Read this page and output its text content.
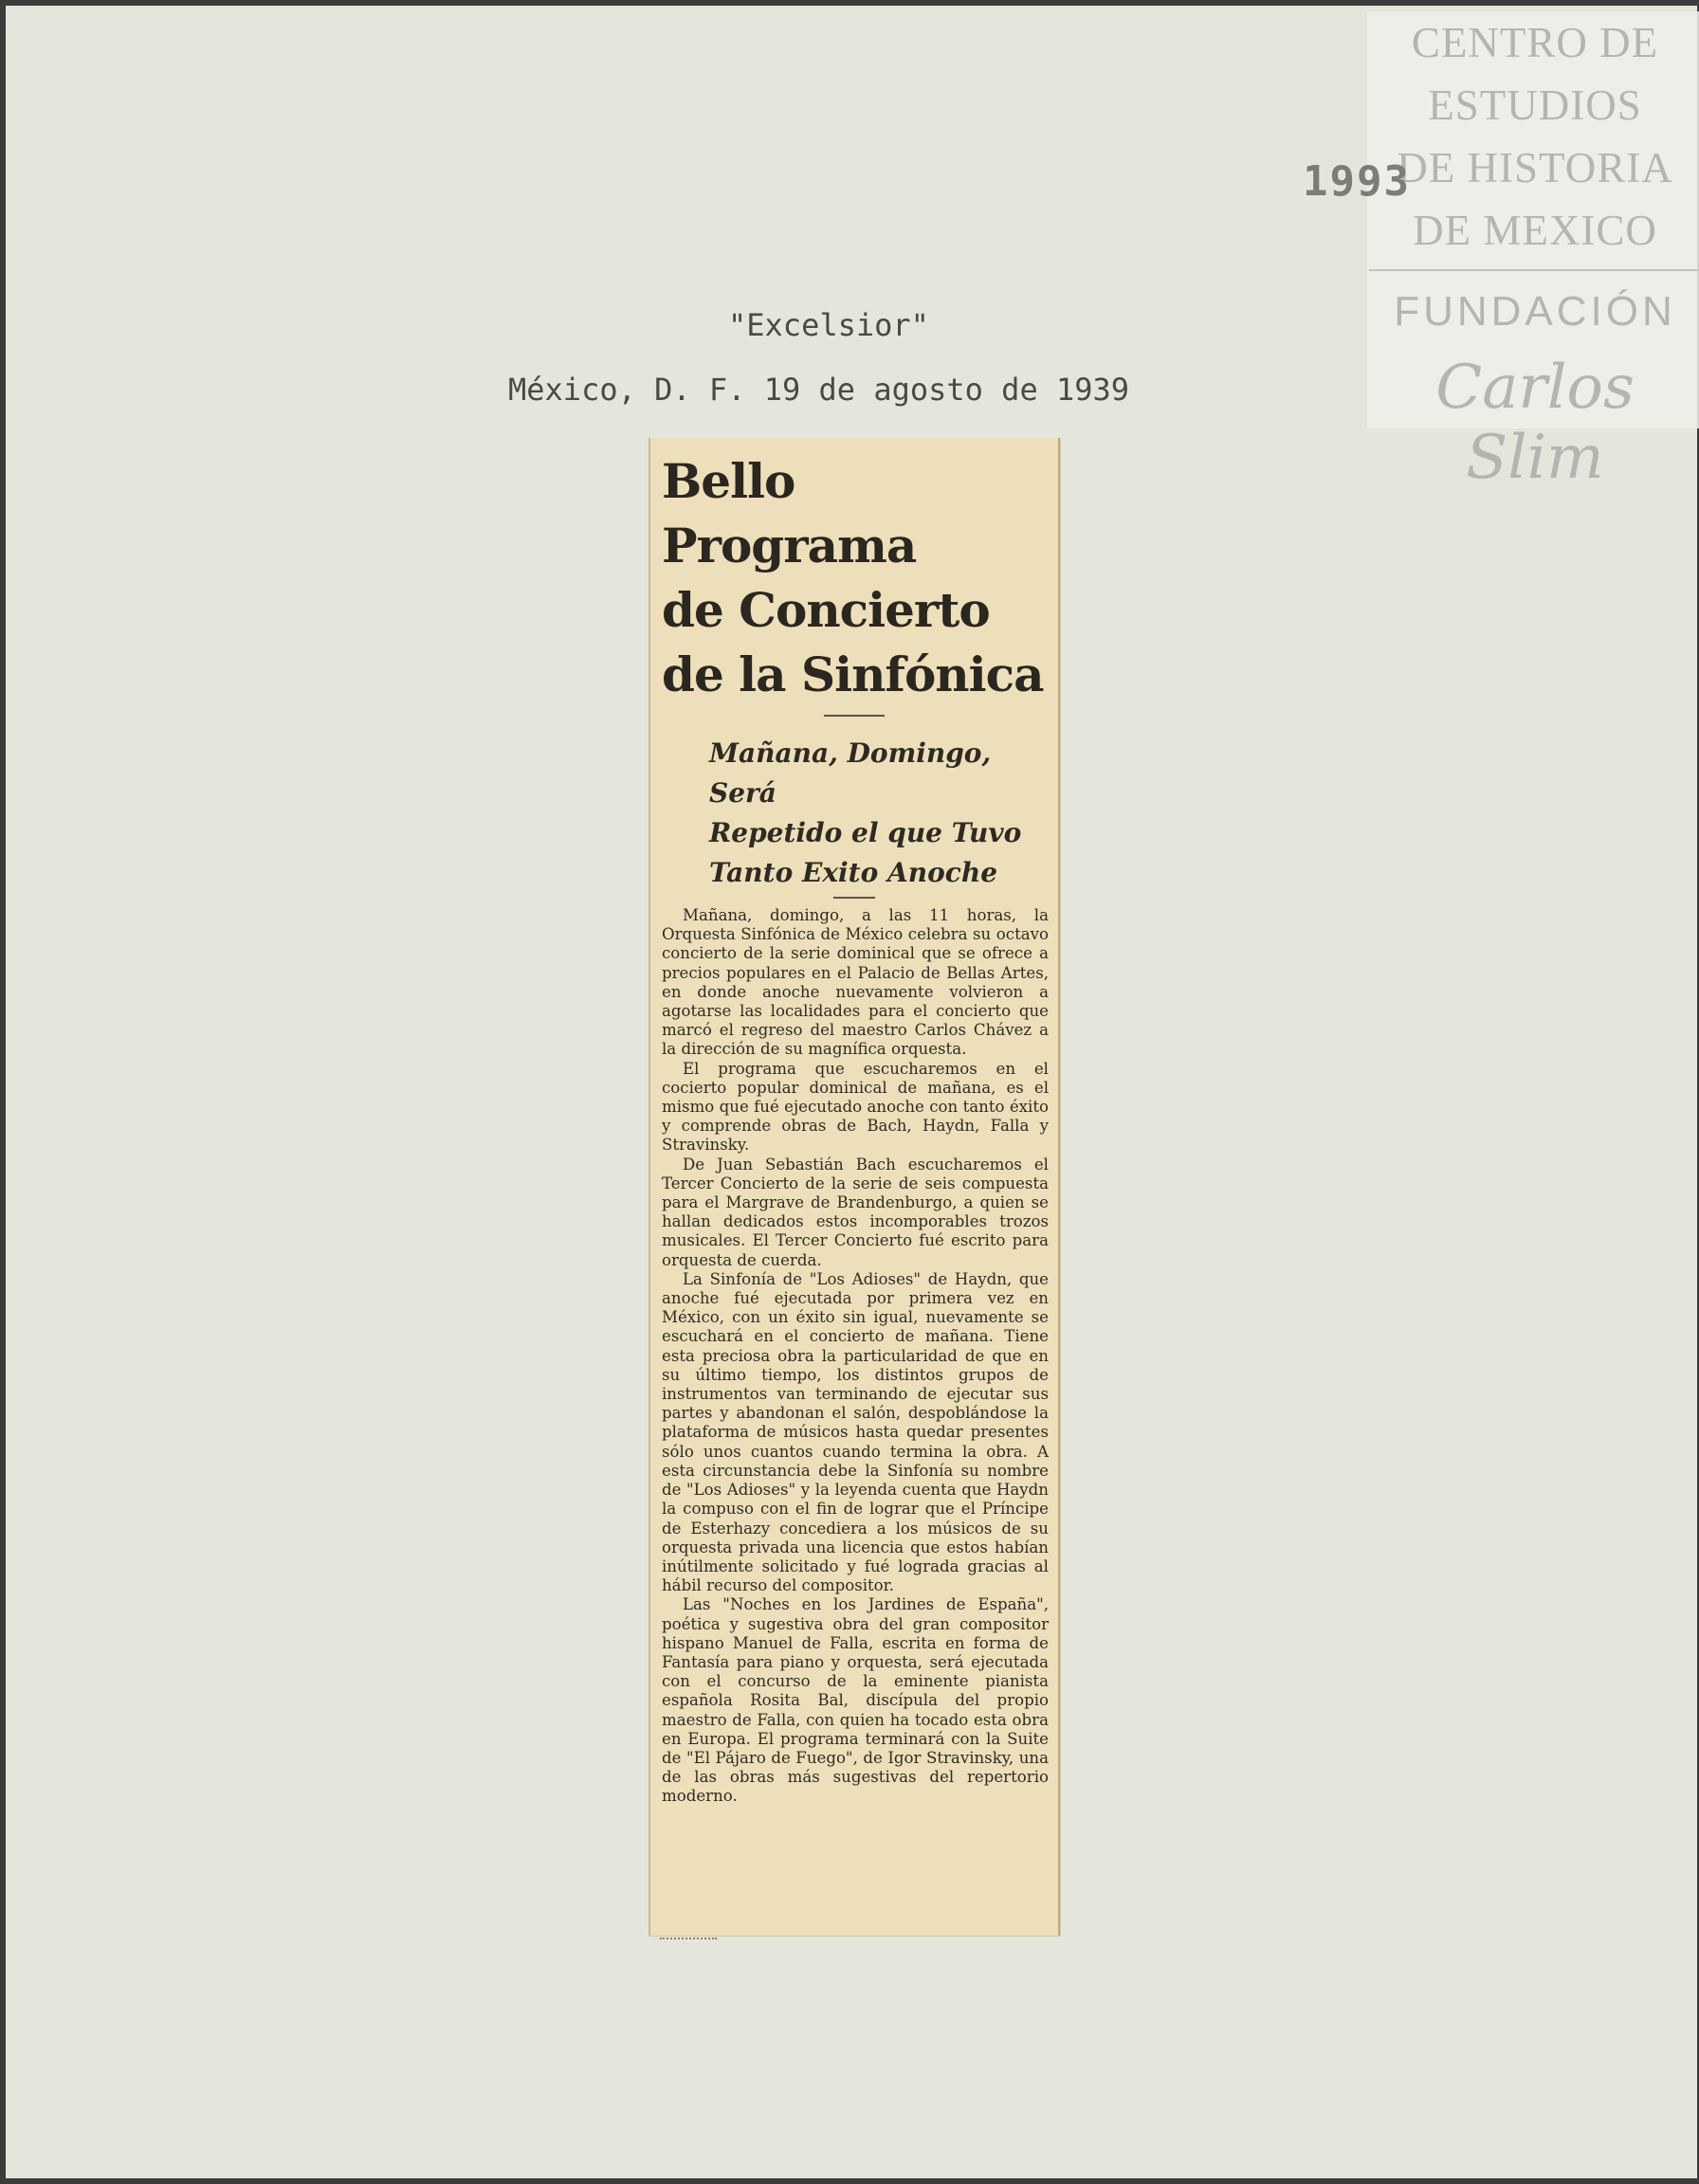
CENTRO DE
ESTUDIOS
DE HISTORIA
DE MEXICO
FUNDACIÓN
Carlos Slim
1993
"Excelsior"
México, D. F. 19 de agosto de 1939
Bello Programa
de Concierto
de la Sinfónica
Mañana, Domingo, Será
Repetido el que Tuvo
Tanto Exito Anoche

Mañana, domingo, a las 11 horas, la Orquesta Sinfónica de México celebra su octavo concierto de la serie dominical que se ofrece a precios populares en el Palacio de Bellas Artes, en donde anoche nuevamente volvieron a agotarse las localidades para el concierto que marcó el regreso del maestro Carlos Chávez a la dirección de su magnífica orquesta.

El programa que escucharemos en el cocierto popular dominical de mañana, es el mismo que fué ejecutado anoche con tanto éxito y comprende obras de Bach, Haydn, Falla y Stravinsky.

De Juan Sebastián Bach escucharemos el Tercer Concierto de la serie de seis compuesta para el Margrave de Brandenburgo, a quien se hallan dedicados estos incomporables trozos musicales. El Tercer Concierto fué escrito para orquesta de cuerda.

La Sinfonía de "Los Adioses" de Haydn, que anoche fué ejecutada por primera vez en México, con un éxito sin igual, nuevamente se escuchará en el concierto de mañana. Tiene esta preciosa obra la particularidad de que en su último tiempo, los distintos grupos de instrumentos van terminando de ejecutar sus partes y abandonan el salón, despoblándose la plataforma de músicos hasta quedar presentes sólo unos cuantos cuando termina la obra. A esta circunstancia debe la Sinfonía su nombre de "Los Adioses" y la leyenda cuenta que Haydn la compuso con el fin de lograr que el Príncipe de Esterhazy concediera a los músicos de su orquesta privada una licencia que estos habían inútilmente solicitado y fué lograda gracias al hábil recurso del compositor.

Las "Noches en los Jardines de España", poética y sugestiva obra del gran compositor hispano Manuel de Falla, escrita en forma de Fantasía para piano y orquesta, será ejecutada con el concurso de la eminente pianista española Rosita Bal, discípula del propio maestro de Falla, con quien ha tocado esta obra en Europa. El programa terminará con la Suite de "El Pájaro de Fuego", de Igor Stravinsky, una de las obras más sugestivas del repertorio moderno.
